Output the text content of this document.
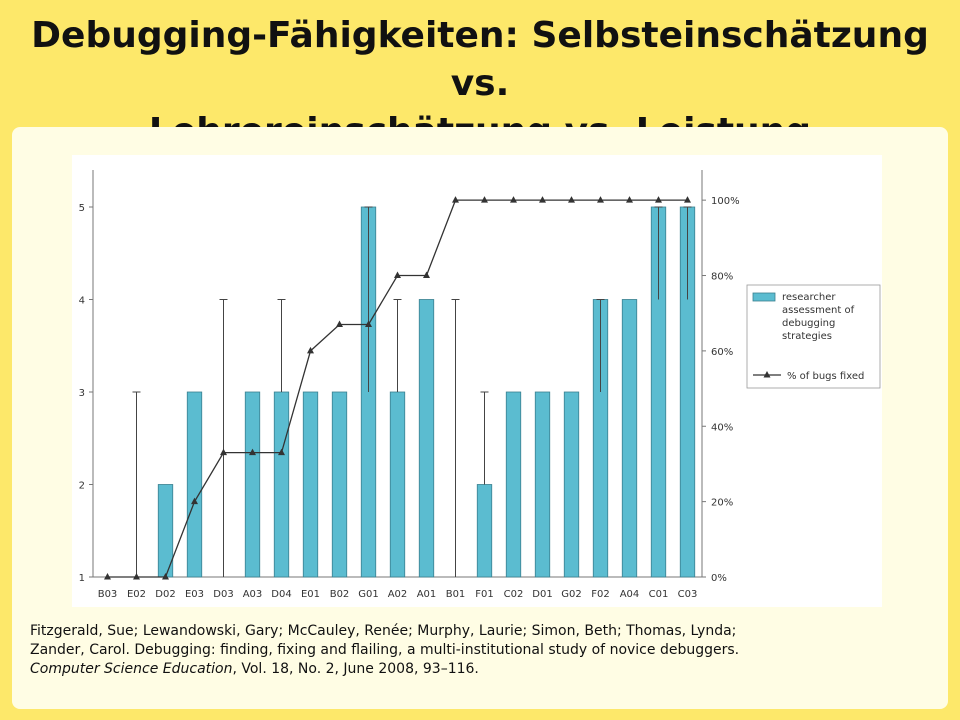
Debugging-Fähigkeiten: Selbsteinschätzung vs.
1
2
3
4
5
0%
20%
40%
60%
80%
100%
B03 E02 D02 E03 D03 A03 D04 E01 B02 G01 A02 A01 B01 F01 C02 D01 G02 F02 A04 C01 C03
researcher
assessment of
debugging
strategies
% of bugs fixed
Fitzgerald, Sue; Lewandowski, Gary; McCauley, Renée; Murphy, Laurie; Simon, Beth; Thomas, Lynda;
Zander, Carol. Debugging: finding, fixing and flailing, a multi-institutional study of novice debuggers.
Computer Science Education, Vol. 18, No. 2, June 2008, 93–116.
